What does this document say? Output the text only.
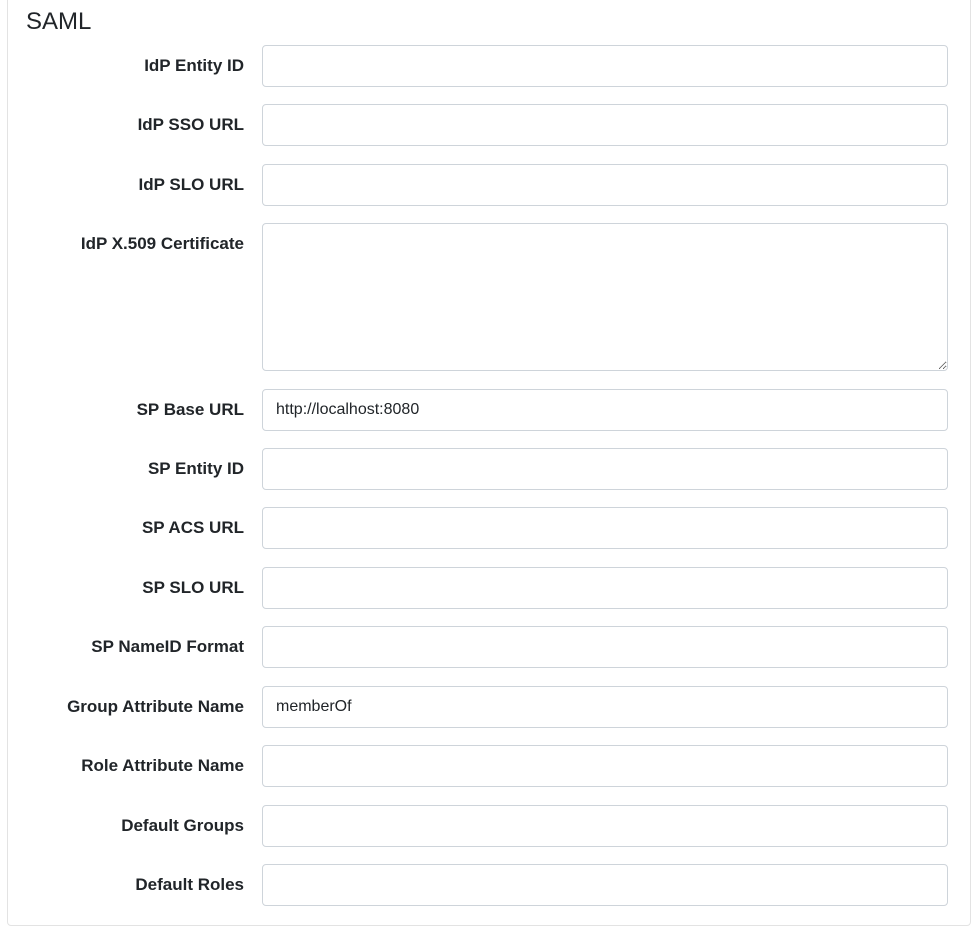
SAML
IdP Entity ID
IdP SSO URL
IdP SLO URL
IdP X.509 Certificate
SP Base URL
http://localhost:8080
SP Entity ID
SP ACS URL
SP SLO URL
SP NameID Format
Group Attribute Name
memberOf
Role Attribute Name
Default Groups
Default Roles
